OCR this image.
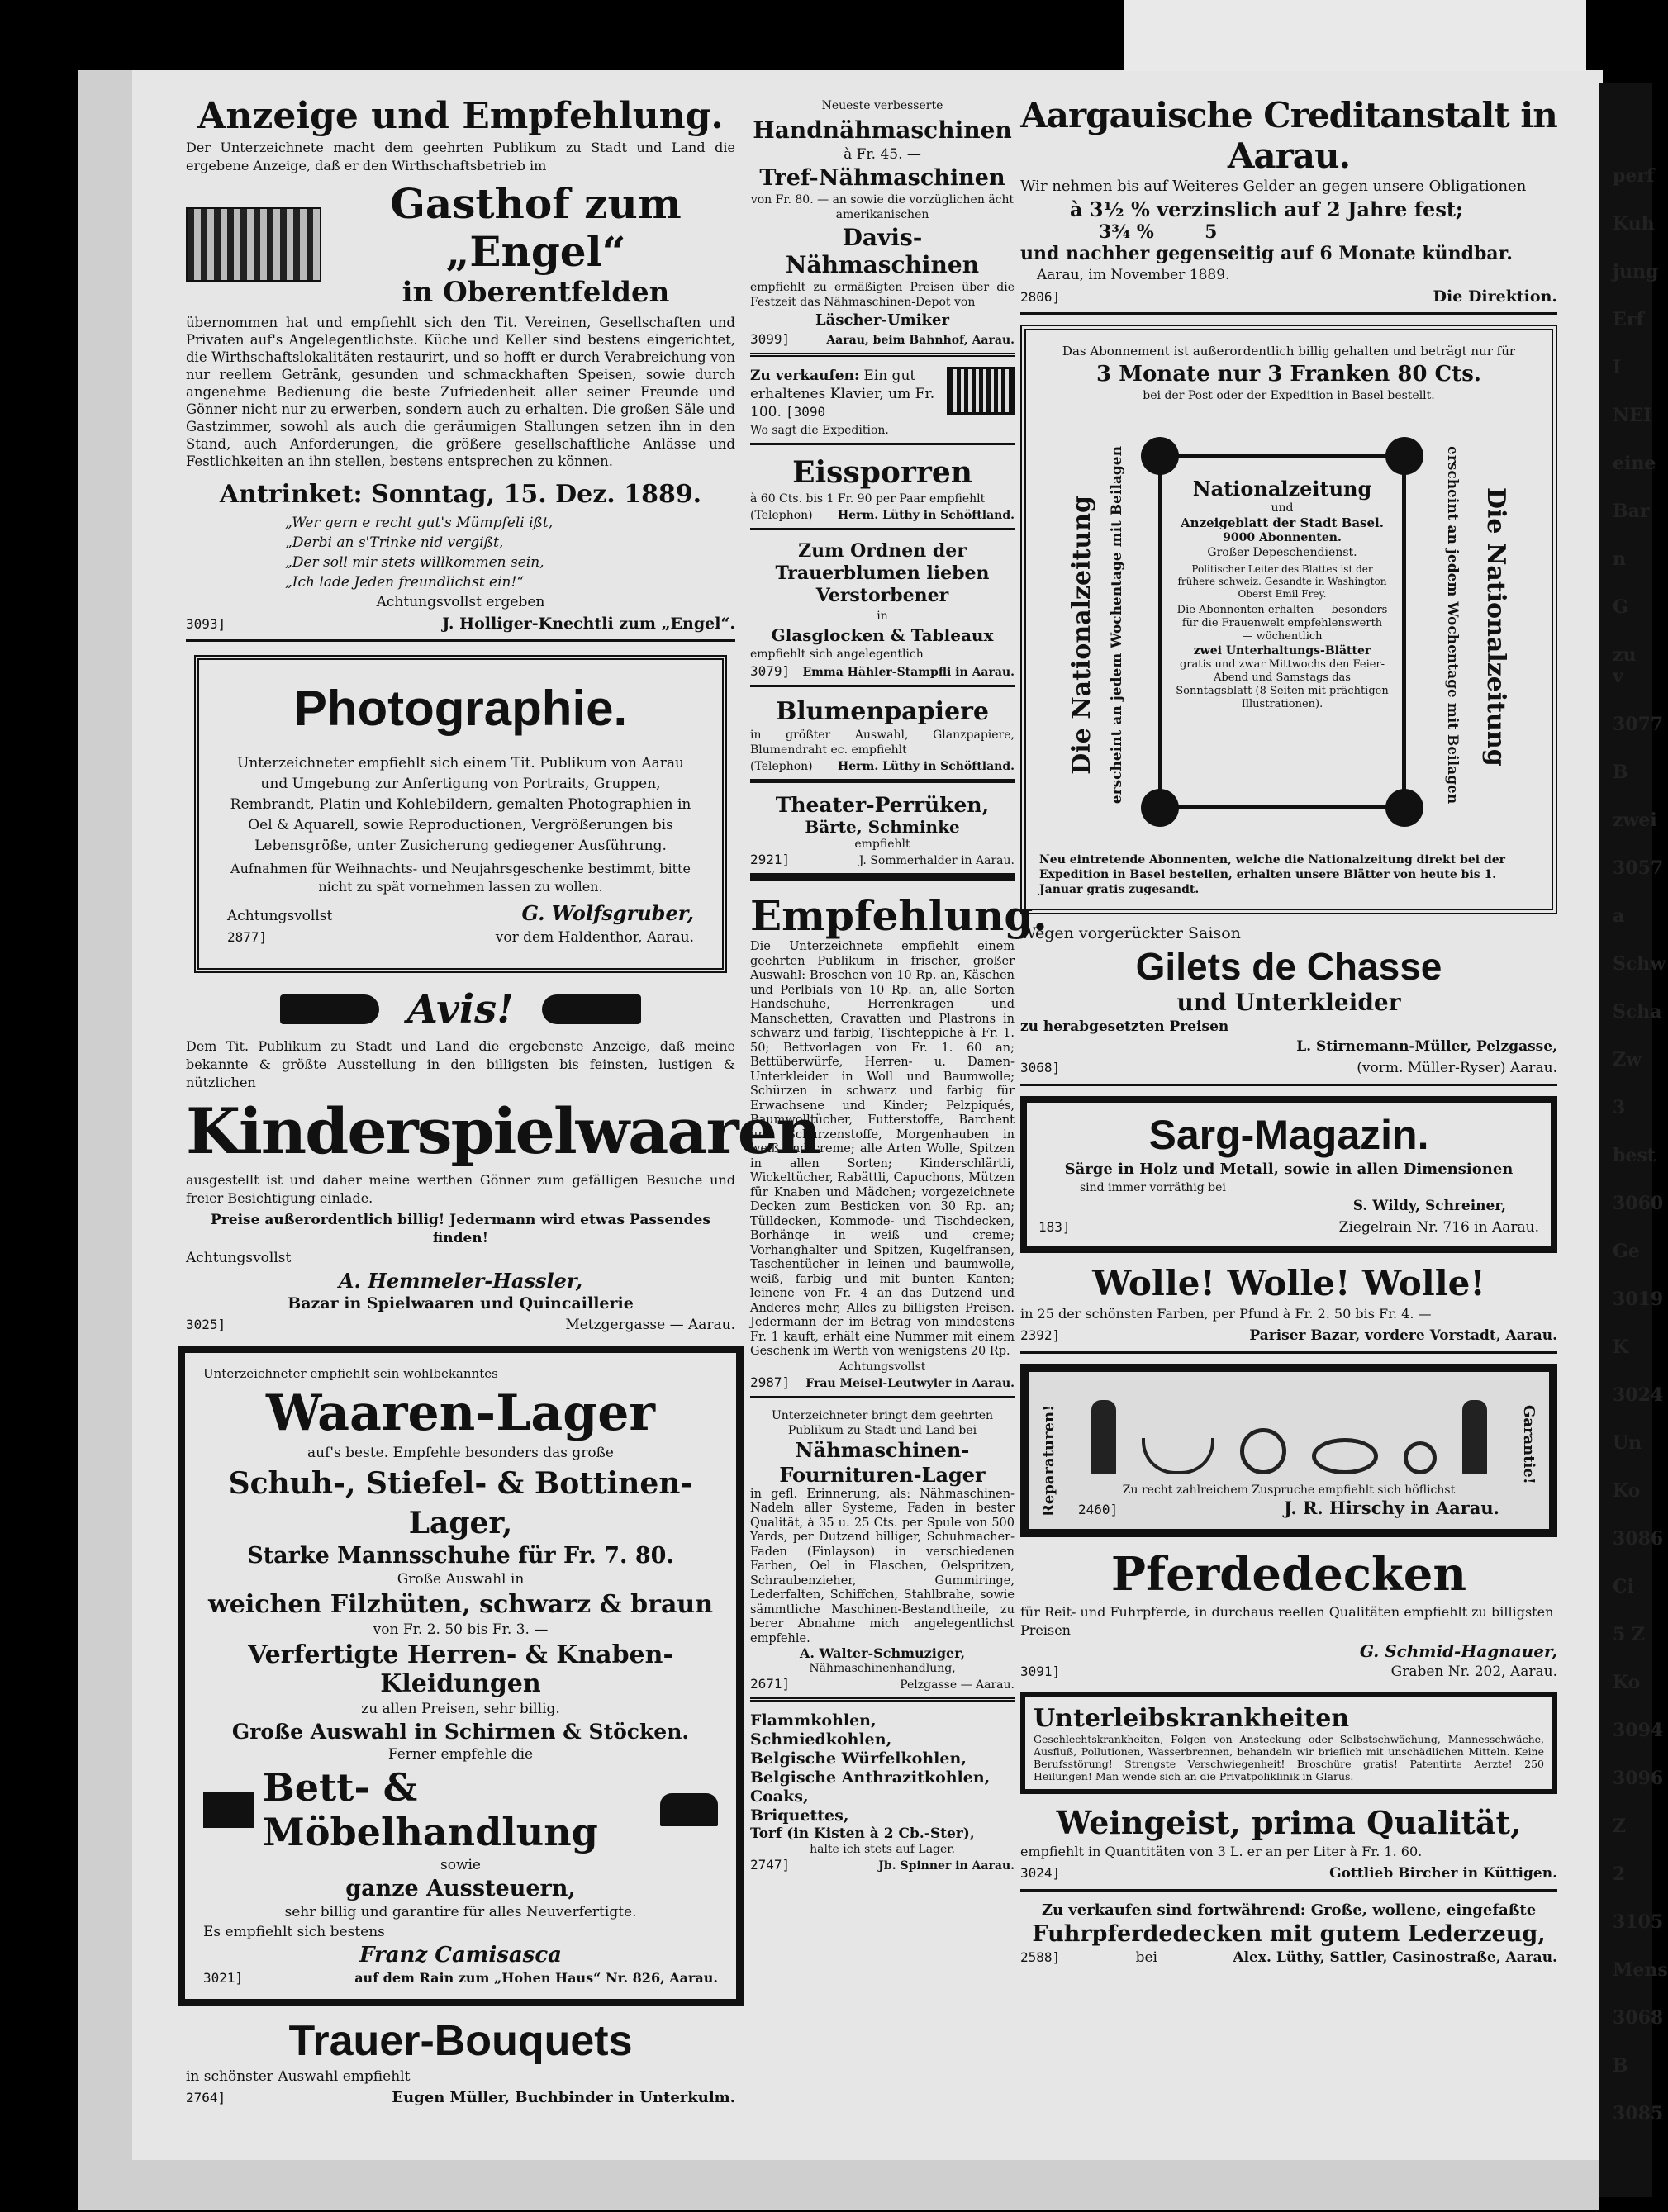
Anzeige und Empfehlung.
Der Unterzeichnete macht dem geehrten Publikum zu Stadt und Land die ergebene Anzeige, daß er den Wirthschaftsbetrieb im
Gasthof zum „Engel“
in Oberentfelden
übernommen hat und empfiehlt sich den Tit. Vereinen, Gesellschaften und Privaten auf's Angelegentlichste. Küche und Keller sind bestens eingerichtet, die Wirthschaftslokalitäten restaurirt, und so hofft er durch Verabreichung von nur reellem Getränk, gesunden und schmackhaften Speisen, sowie durch angenehme Bedienung die beste Zufriedenheit aller seiner Freunde und Gönner nicht nur zu erwerben, sondern auch zu erhalten. Die großen Säle und Gastzimmer, sowohl als auch die geräumigen Stallungen setzen ihn in den Stand, auch Anforderungen, die größere gesellschaftliche Anlässe und Festlichkeiten an ihn stellen, bestens entsprechen zu können.
Antrinket: Sonntag, 15. Dez. 1889.
„Wer gern e recht gut's Mümpfeli ißt,
„Derbi an s'Trinke nid vergißt,
„Der soll mir stets willkommen sein,
„Ich lade Jeden freundlichst ein!“
Achtungsvollst ergeben
3093]	J. Holliger-Knechtli zum „Engel“.
Photographie.
Unterzeichneter empfiehlt sich einem Tit. Publikum von Aarau und Umgebung zur Anfertigung von Portraits, Gruppen, Rembrandt, Platin und Kohlebildern, gemalten Photographien in Oel & Aquarell, sowie Reproductionen, Vergrößerungen bis Lebensgröße, unter Zusicherung gediegener Ausführung.
Aufnahmen für Weihnachts- und Neujahrsgeschenke bestimmt, bitte nicht zu spät vornehmen lassen zu wollen.
Achtungsvollst	G. Wolfsgruber,
2877]	vor dem Haldenthor, Aarau.
Avis!
Dem Tit. Publikum zu Stadt und Land die ergebenste Anzeige, daß meine bekannte & größte Ausstellung in den billigsten bis feinsten, lustigen & nützlichen
Kinderspielwaaren
ausgestellt ist und daher meine werthen Gönner zum gefälligen Besuche und freier Besichtigung einlade.
Preise außerordentlich billig! Jedermann wird etwas Passendes finden!
Achtungsvollst
A. Hemmeler-Hassler,
Bazar in Spielwaaren und Quincaillerie
3025]	Metzgergasse — Aarau.
Unterzeichneter empfiehlt sein wohlbekanntes
Waaren-Lager
auf's beste. Empfehle besonders das große
Schuh-, Stiefel- & Bottinen-Lager,
Starke Mannsschuhe für Fr. 7. 80.
Große Auswahl in
weichen Filzhüten, schwarz & braun
von Fr. 2. 50 bis Fr. 3. —
Verfertigte Herren- & Knaben-Kleidungen
zu allen Preisen, sehr billig.
Große Auswahl in Schirmen & Stöcken.
Ferner empfehle die
Bett- & Möbelhandlung
sowie
ganze Aussteuern,
sehr billig und garantire für alles Neuverfertigte.
Es empfiehlt sich bestens
Franz Camisasca
3021]	auf dem Rain zum „Hohen Haus“ Nr. 826, Aarau.
Trauer-Bouquets
in schönster Auswahl empfiehlt
2764]	Eugen Müller, Buchbinder in Unterkulm.
Neueste verbesserte
Handnähmaschinen
à Fr. 45. —
Tref-Nähmaschinen
von Fr. 80. — an sowie die vorzüglichen ächt amerikanischen
Davis-Nähmaschinen
empfiehlt zu ermäßigten Preisen über die Festzeit das Nähmaschinen-Depot von
Läscher-Umiker
3099]	Aarau, beim Bahnhof, Aarau.
Zu verkaufen: Ein gut erhaltenes Klavier, um Fr. 100. [3090
Wo sagt die Expedition.
Eissporren
à 60 Cts. bis 1 Fr. 90 per Paar empfiehlt
(Telephon) Herm. Lüthy in Schöftland.
Zum Ordnen der Trauerblumen lieben Verstorbener
in
Glasglocken & Tableaux
empfiehlt sich angelegentlich
3079] Emma Hähler-Stampfli in Aarau.
Blumenpapiere
in größter Auswahl, Glanzpapiere, Blumendraht ec. empfiehlt
(Telephon) Herm. Lüthy in Schöftland.
Theater-Perrüken,
Bärte, Schminke
empfiehlt
2921]	J. Sommerhalder in Aarau.
Empfehlung.
Die Unterzeichnete empfiehlt einem geehrten Publikum in frischer, großer Auswahl: Broschen von 10 Rp. an, Käschen und Perlbials von 10 Rp. an, alle Sorten Handschuhe, Herrenkragen und Manschetten, Cravatten und Plastrons in schwarz und farbig, Tischteppiche à Fr. 1. 50; Bettvorlagen von Fr. 1. 60 an; Bettüberwürfe, Herren- u. Damen-Unterkleider in Woll und Baumwolle; Schürzen in schwarz und farbig für Erwachsene und Kinder; Pelzpiqués, Baumwolltücher, Futterstoffe, Barchent und Schürzenstoffe, Morgenhauben in weiß und creme; alle Arten Wolle, Spitzen in allen Sorten; Kinderschlärtli, Wickeltücher, Rabättli, Capuchons, Mützen für Knaben und Mädchen; vorgezeichnete Decken zum Besticken von 30 Rp. an; Tülldecken, Kommode- und Tischdecken, Borhänge in weiß und creme; Vorhanghalter und Spitzen, Kugelfransen, Taschentücher in leinen und baumwolle, weiß, farbig und mit bunten Kanten; leinene von Fr. 4 an das Dutzend und Anderes mehr, Alles zu billigsten Preisen. Jedermann der im Betrag von mindestens Fr. 1 kauft, erhält eine Nummer mit einem Geschenk im Werth von wenigstens 20 Rp.
Achtungsvollst
2987] Frau Meisel-Leutwyler in Aarau.
Unterzeichneter bringt dem geehrten Publikum zu Stadt und Land bei
Nähmaschinen-Fournituren-Lager
in gefl. Erinnerung, als: Nähmaschinen-Nadeln aller Systeme, Faden in bester Qualität, à 35 u. 25 Cts. per Spule von 500 Yards, per Dutzend billiger, Schuhmacher-Faden (Finlayson) in verschiedenen Farben, Oel in Flaschen, Oelspritzen, Schraubenzieher, Gummiringe, Lederfalten, Schiffchen, Stahlbrahe, sowie sämmtliche Maschinen-Bestandtheile, zu berer Abnahme mich angelegentlichst empfehle.
A. Walter-Schmuziger,
Nähmaschinenhandlung,
2671]	Pelzgasse — Aarau.
Flammkohlen,
Schmiedkohlen,
Belgische Würfelkohlen,
Belgische Anthrazitkohlen,
Coaks,
Briquettes,
Torf (in Kisten à 2 Cb.-Ster),
halte ich stets auf Lager.
2747]	Jb. Spinner in Aarau.
Aargauische Creditanstalt in Aarau.
Wir nehmen bis auf Weiteres Gelder an gegen unsere Obligationen
à 3½ % verzinslich auf 2 Jahre fest;
3¾ %        5
und nachher gegenseitig auf 6 Monate kündbar.
Aarau, im November 1889.
2806]	Die Direktion.
Das Abonnement ist außerordentlich billig gehalten und beträgt nur für
3 Monate nur 3 Franken 80 Cts.
bei der Post oder der Expedition in Basel bestellt.
Nationalzeitung
und
Anzeigeblatt der Stadt Basel.
9000 Abonnenten.
Großer Depeschendienst.
Politischer Leiter des Blattes ist der frühere schweiz. Gesandte in Washington Oberst Emil Frey.
Die Abonnenten erhalten — besonders für die Frauenwelt empfehlenswerth — wöchentlich
zwei Unterhaltungs-Blätter
gratis und zwar Mittwochs den Feier-Abend und Samstags das Sonntagsblatt (8 Seiten mit prächtigen Illustrationen).
Die Nationalzeitung erscheint an jedem Wochentage mit Beilagen	Die Nationalzeitung
erscheint an jedem Wochentage mit Beilagen
Neu eintretende Abonnenten, welche die Nationalzeitung direkt bei der Expedition in Basel bestellen, erhalten unsere Blätter von heute bis 1. Januar gratis zugesandt.
Wegen vorgerückter Saison
Gilets de Chasse
und Unterkleider
zu herabgesetzten Preisen
L. Stirnemann-Müller, Pelzgasse,
3068]	(vorm. Müller-Ryser) Aarau.
Sarg-Magazin.
Särge in Holz und Metall, sowie in allen Dimensionen
sind immer vorräthig bei
S. Wildy, Schreiner,
183]	Ziegelrain Nr. 716 in Aarau.
Wolle! Wolle! Wolle!
in 25 der schönsten Farben, per Pfund à Fr. 2. 50 bis Fr. 4. —
2392]	Pariser Bazar, vordere Vorstadt, Aarau.
Reparaturen!	Garantie!
Zu recht zahlreichem Zuspruche empfiehlt sich höflichst
2460]	J. R. Hirschy in Aarau.
Pferdedecken
für Reit- und Fuhrpferde, in durchaus reellen Qualitäten empfiehlt zu billigsten Preisen
G. Schmid-Hagnauer,
3091]	Graben Nr. 202, Aarau.
Unterleibskrankheiten
Geschlechtskrankheiten, Folgen von Ansteckung oder Selbstschwächung, Mannesschwäche, Ausfluß, Pollutionen, Wasserbrennen, behandeln wir brieflich mit unschädlichen Mitteln. Keine Berufsstörung! Strengste Verschwiegenheit! Broschüre gratis! Patentirte Aerzte! 250 Heilungen! Man wende sich an die Privatpoliklinik in Glarus.
Weingeist, prima Qualität,
empfiehlt in Quantitäten von 3 L. er an per Liter à Fr. 1. 60.
3024]	Gottlieb Bircher in Küttigen.
Zu verkaufen sind fortwährend: Große, wollene, eingefaßte
Fuhrpferdedecken mit gutem Lederzeug,
2588]	bei	Alex. Lüthy, Sattler, Casinostraße, Aarau.
perf
Kuh
jung
Erf
I
NEI
eine
Bar
n
G
zu v
3077
B
zwei
3057
a
Schw
Scha
Zw
3
best
3060
Ge
3019
K
3024
Un
Ko
3086
Ci
5 Z
Ko
3094
3096
Z
2
3105
Mens
3068
B
3085
